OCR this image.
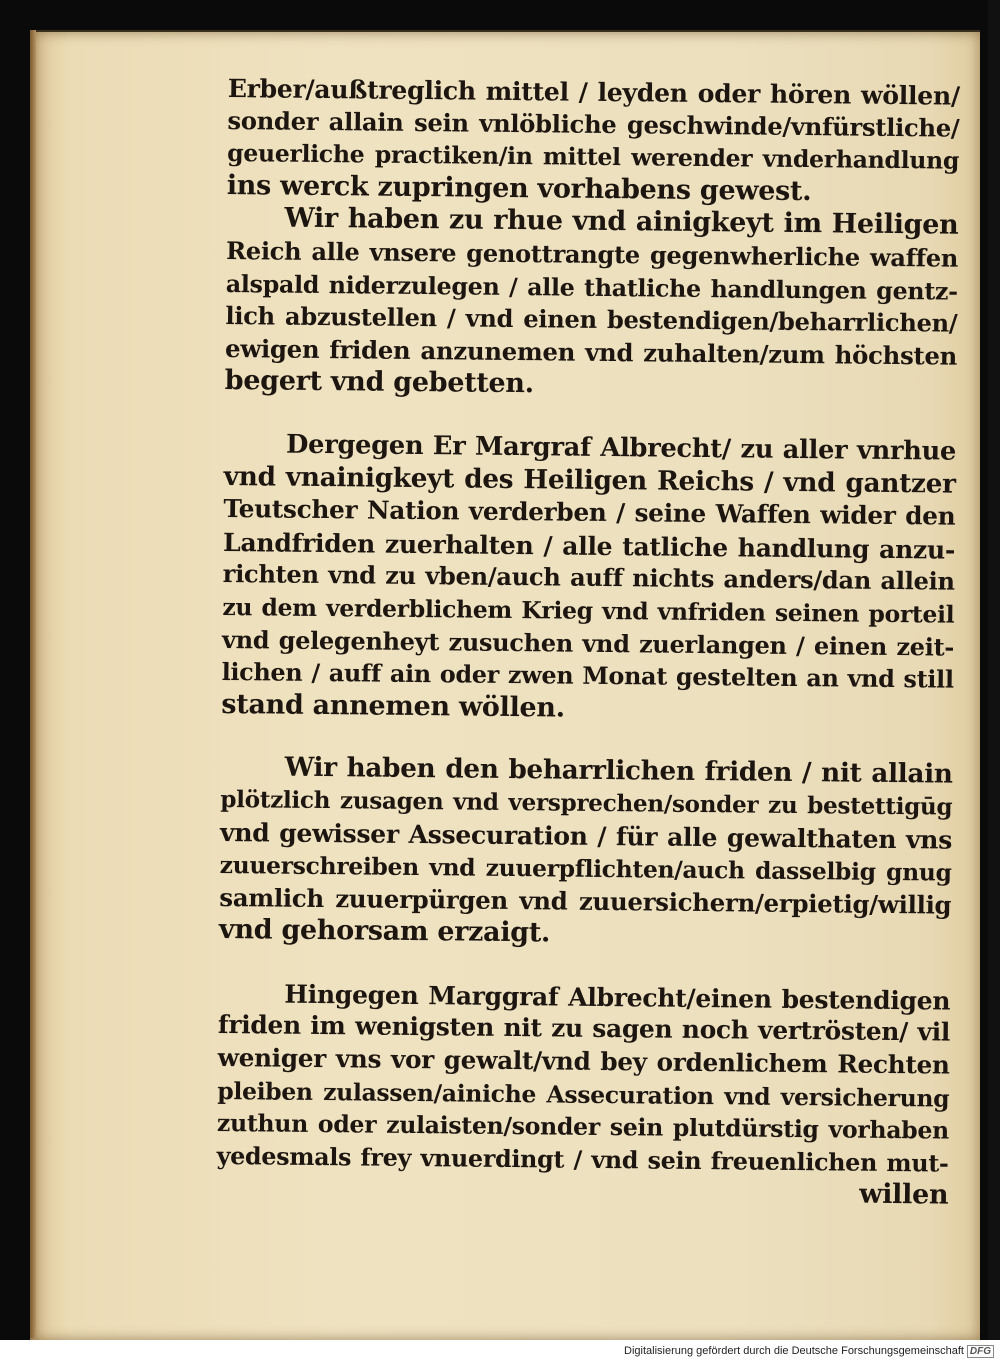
Erber/außtreglich mittel / leyden oder hören wöllen/
sonder allain sein vnlöbliche geschwinde/vnfürstliche/
geuerliche practiken/in mittel werender vnderhandlung
ins werck zupringen vorhabens gewest.
Wir haben zu rhue vnd ainigkeyt im Heiligen
Reich alle vnsere genottrangte gegenwherliche waffen
alspald niderzulegen / alle thatliche handlungen gentz-
lich abzustellen / vnd einen bestendigen/beharrlichen/
ewigen friden anzunemen vnd zuhalten/zum höchsten
begert vnd gebetten.
Dergegen Er Margraf Albrecht/ zu aller vnrhue
vnd vnainigkeyt des Heiligen Reichs / vnd gantzer
Teutscher Nation verderben / seine Waffen wider den
Landfriden zuerhalten / alle tatliche handlung anzu-
richten vnd zu vben/auch auff nichts anders/dan allein
zu dem verderblichem Krieg vnd vnfriden seinen porteil
vnd gelegenheyt zusuchen vnd zuerlangen / einen zeit-
lichen / auff ain oder zwen Monat gestelten an vnd still
stand annemen wöllen.
Wir haben den beharrlichen friden / nit allain
plötzlich zusagen vnd versprechen/sonder zu bestettigūg
vnd gewisser Assecuration / für alle gewalthaten vns
zuuerschreiben vnd zuuerpflichten/auch dasselbig gnug
samlich zuuerpürgen vnd zuuersichern/erpietig/willig
vnd gehorsam erzaigt.
Hingegen Marggraf Albrecht/einen bestendigen
friden im wenigsten nit zu sagen noch vertrösten/ vil
weniger vns vor gewalt/vnd bey ordenlichem Rechten
pleiben zulassen/ainiche Assecuration vnd versicherung
zuthun oder zulaisten/sonder sein plutdürstig vorhaben
yedesmals frey vnuerdingt / vnd sein freuenlichen mut-
willen
Digitalisierung gefördert durch die Deutsche Forschungsgemeinschaft DFG
